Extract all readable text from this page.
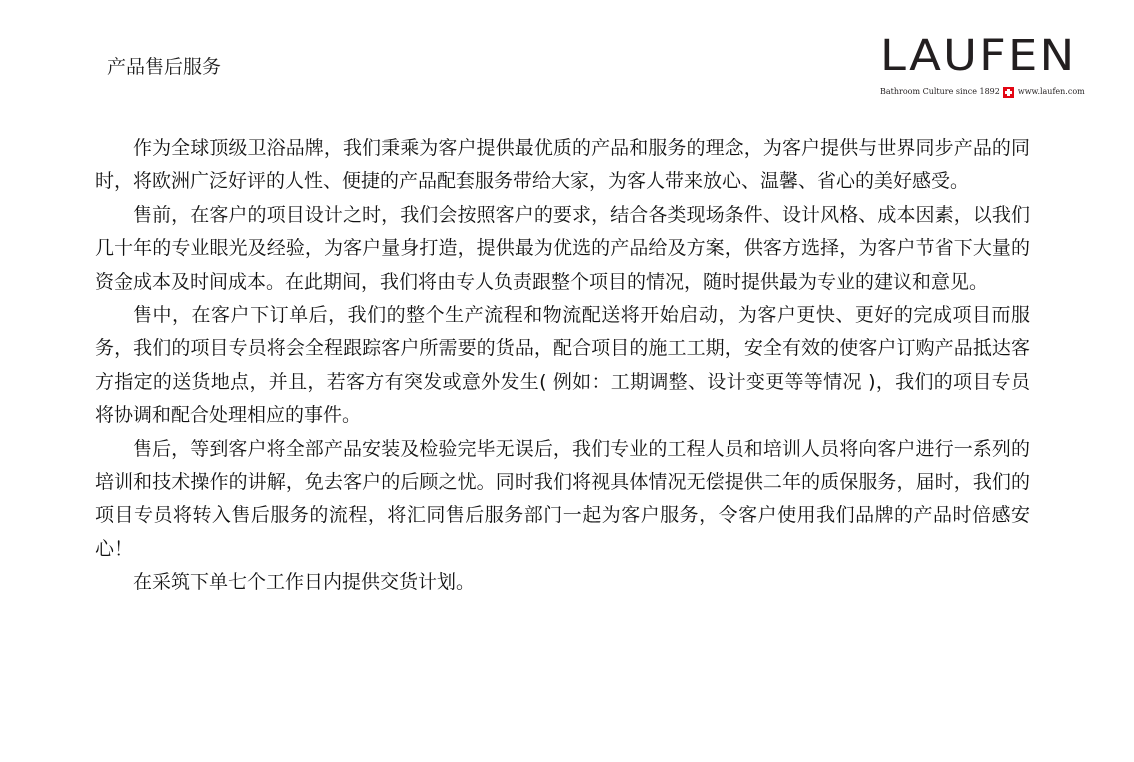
产品售后服务	LAUFEN
Bathroom Culture since 1892 www.laufen.com

作为全球顶级卫浴品牌，我们秉乘为客户提供最优质的产品和服务的理念，为客户提供与世界同步产品的同时，将欧洲广泛好评的人性、便捷的产品配套服务带给大家，为客人带来放心、温馨、省心的美好感受。

售前，在客户的项目设计之时，我们会按照客户的要求，结合各类现场条件、设计风格、成本因素，以我们几十年的专业眼光及经验，为客户量身打造，提供最为优选的产品给及方案，供客方选择，为客户节省下大量的资金成本及时间成本。在此期间，我们将由专人负责跟整个项目的情况，随时提供最为专业的建议和意见。

售中，在客户下订单后，我们的整个生产流程和物流配送将开始启动，为客户更快、更好的完成项目而服务，我们的项目专员将会全程跟踪客户所需要的货品，配合项目的施工工期，安全有效的使客户订购产品抵达客方指定的送货地点，并且，若客方有突发或意外发生( 例如：工期调整、设计变更等等情况 )，我们的项目专员将协调和配合处理相应的事件。

售后，等到客户将全部产品安装及检验完毕无误后，我们专业的工程人员和培训人员将向客户进行一系列的培训和技术操作的讲解，免去客户的后顾之忧。同时我们将视具体情况无偿提供二年的质保服务，届时，我们的项目专员将转入售后服务的流程，将汇同售后服务部门一起为客户服务，令客户使用我们品牌的产品时倍感安心！

在采筑下单七个工作日内提供交货计划。
